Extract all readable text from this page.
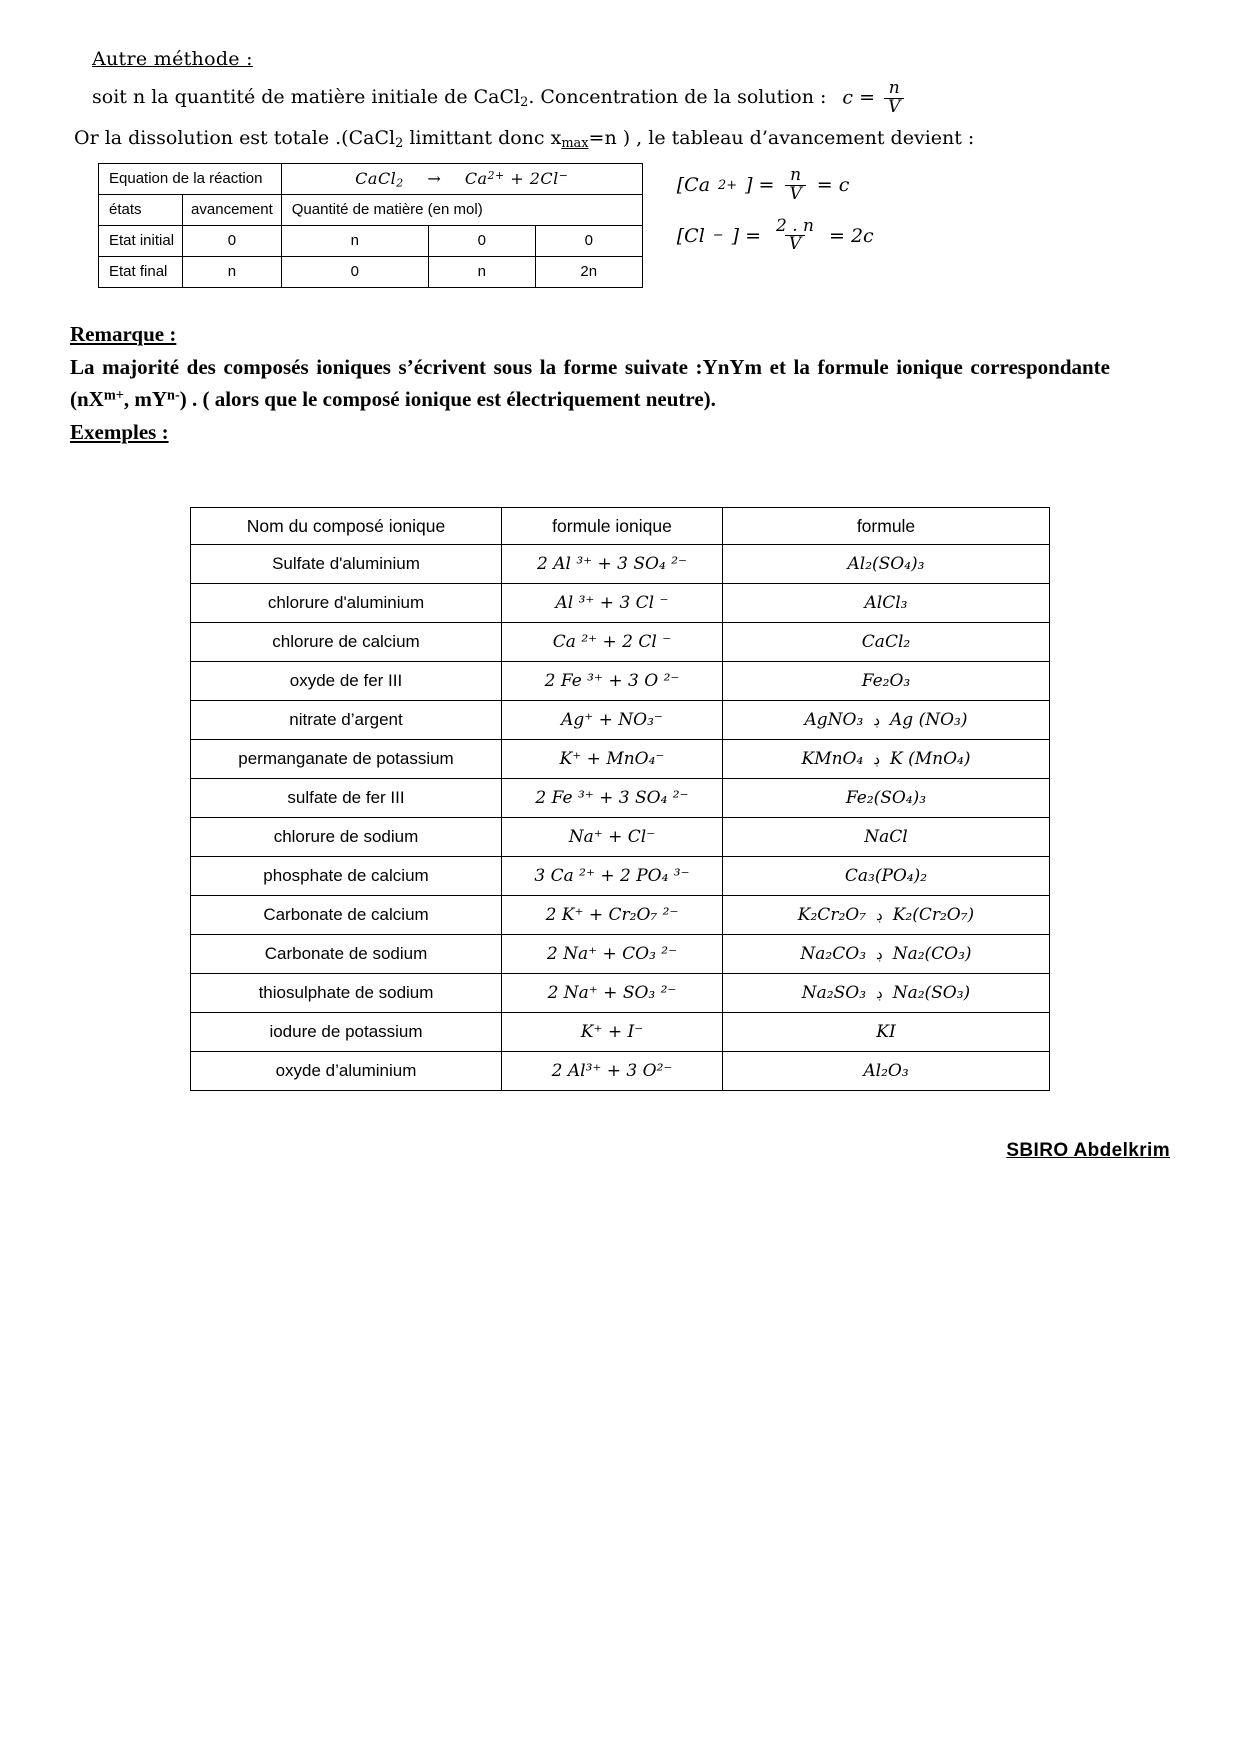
Autre méthode :
soit n la quantité de matière initiale de CaCl$_2$. Concentration de la solution : $c = \frac{n}{V}$
Or la dissolution est totale .(CaCl$_2$ limittant donc $x_{max}=n$ ) , le tableau d’avancement devient :
Equation de la réaction		CaCl$_2$ → $Ca^{2+} + 2Cl^-$
états	avancement	Quantité de matière (en mol)		
Etat initial	0	n	0	0
Etat final	n	0	n	2n
[Ca 2+ ] = $\frac{n}{V} = c$
[Cl − ] = $\frac{2 . n}{V} = 2c$
Remarque :
La majorité des composés ioniques s’écrivent sous la forme suivate :YnYm et la formule ionique correspondante ($nX^{m+}$, $mY^{n-}$) . ( alors que le composé ionique est électriquement neutre).
Exemples :
Nom du composé ionique	formule ionique	formule
Sulfate d'aluminium	2 Al ³⁺ + 3 SO₄ ²⁻	Al₂(SO₄)₃
chlorure d'aluminium	Al ³⁺ + 3 Cl ⁻	AlCl₃
chlorure de calcium	Ca ²⁺ + 2 Cl ⁻	CaCl₂
oxyde de fer III	2 Fe ³⁺ + 3 O ²⁻	Fe₂O₃
nitrate d’argent	Ag⁺ + NO₃⁻	AgNO₃ ڊ Ag (NO₃)
permanganate de potassium	K⁺ + MnO₄⁻	KMnO₄ ڊ K (MnO₄)
sulfate de fer III	2 Fe ³⁺ + 3 SO₄ ²⁻	Fe₂(SO₄)₃
chlorure de sodium	Na⁺ + Cl⁻	NaCl
phosphate de calcium	3 Ca ²⁺ + 2 PO₄ ³⁻	Ca₃(PO₄)₂
Carbonate de calcium	2 K⁺ + Cr₂O₇ ²⁻	K₂Cr₂O₇ ڊ K₂(Cr₂O₇)
Carbonate de sodium	2 Na⁺ + CO₃ ²⁻	Na₂CO₃ ڊ Na₂(CO₃)
thiosulphate de sodium	2 Na⁺ + SO₃ ²⁻	Na₂SO₃ ڊ Na₂(SO₃)
iodure de potassium	K⁺ + I⁻	KI
oxyde d’aluminium	2 Al³⁺ + 3 O²⁻	Al₂O₃
SBIRO Abdelkrim
